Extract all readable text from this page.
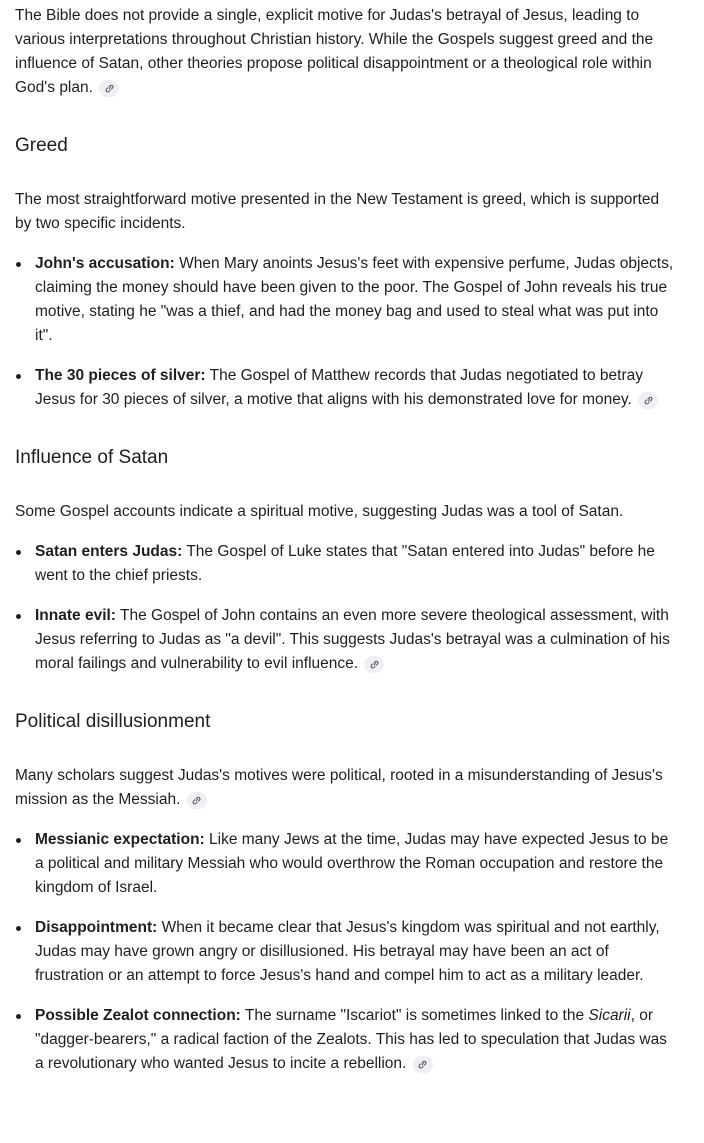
The Bible does not provide a single, explicit motive for Judas's betrayal of Jesus, leading to various interpretations throughout Christian history. While the Gospels suggest greed and the influence of Satan, other theories propose political disappointment or a theological role within God's plan.

Greed

The most straightforward motive presented in the New Testament is greed, which is supported by two specific incidents.

John's accusation: When Mary anoints Jesus's feet with expensive perfume, Judas objects, claiming the money should have been given to the poor. The Gospel of John reveals his true motive, stating he "was a thief, and had the money bag and used to steal what was put into it".
The 30 pieces of silver: The Gospel of Matthew records that Judas negotiated to betray Jesus for 30 pieces of silver, a motive that aligns with his demonstrated love for money.
Influence of Satan

Some Gospel accounts indicate a spiritual motive, suggesting Judas was a tool of Satan.

Satan enters Judas: The Gospel of Luke states that "Satan entered into Judas" before he went to the chief priests.
Innate evil: The Gospel of John contains an even more severe theological assessment, with Jesus referring to Judas as "a devil". This suggests Judas's betrayal was a culmination of his moral failings and vulnerability to evil influence.
Political disillusionment

Many scholars suggest Judas's motives were political, rooted in a misunderstanding of Jesus's mission as the Messiah.

Messianic expectation: Like many Jews at the time, Judas may have expected Jesus to be a political and military Messiah who would overthrow the Roman occupation and restore the kingdom of Israel.
Disappointment: When it became clear that Jesus's kingdom was spiritual and not earthly, Judas may have grown angry or disillusioned. His betrayal may have been an act of frustration or an attempt to force Jesus's hand and compel him to act as a military leader.
Possible Zealot connection: The surname "Iscariot" is sometimes linked to the Sicarii, or "dagger-bearers," a radical faction of the Zealots. This has led to speculation that Judas was a revolutionary who wanted Jesus to incite a rebellion.
